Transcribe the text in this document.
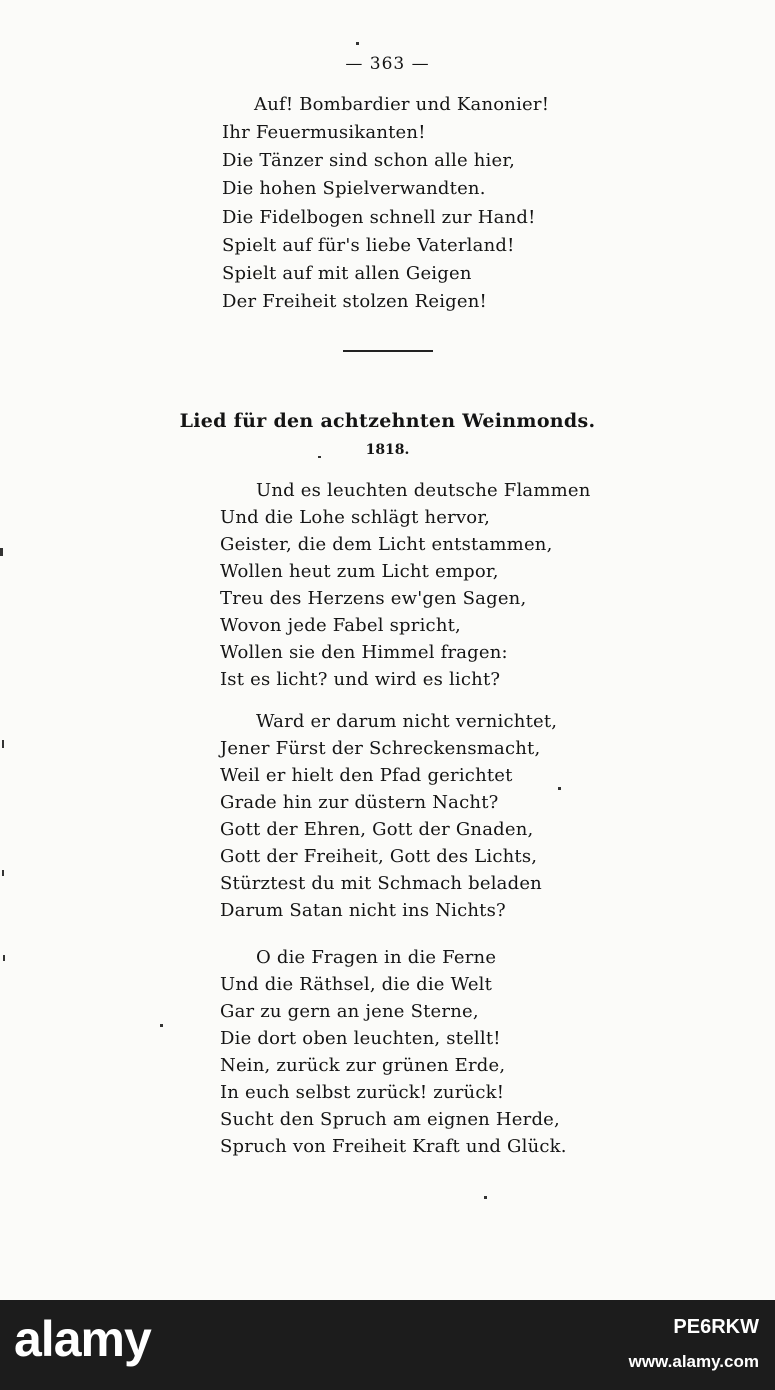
— 363 —
Auf! Bombardier und Kanonier!
Ihr Feuermusikanten!
Die Tänzer sind schon alle hier,
Die hohen Spielverwandten.
Die Fidelbogen schnell zur Hand!
Spielt auf für's liebe Vaterland!
Spielt auf mit allen Geigen
Der Freiheit stolzen Reigen!
Lied für den achtzehnten Weinmonds.
1818.
Und es leuchten deutsche Flammen
Und die Lohe schlägt hervor,
Geister, die dem Licht entstammen,
Wollen heut zum Licht empor,
Treu des Herzens ew'gen Sagen,
Wovon jede Fabel spricht,
Wollen sie den Himmel fragen:
Ist es licht? und wird es licht?
Ward er darum nicht vernichtet,
Jener Fürst der Schreckensmacht,
Weil er hielt den Pfad gerichtet
Grade hin zur düstern Nacht?
Gott der Ehren, Gott der Gnaden,
Gott der Freiheit, Gott des Lichts,
Stürztest du mit Schmach beladen
Darum Satan nicht ins Nichts?
O die Fragen in die Ferne
Und die Räthsel, die die Welt
Gar zu gern an jene Sterne,
Die dort oben leuchten, stellt!
Nein, zurück zur grünen Erde,
In euch selbst zurück! zurück!
Sucht den Spruch am eignen Herde,
Spruch von Freiheit Kraft und Glück.
alamy	PE6RKW
www.alamy.com
